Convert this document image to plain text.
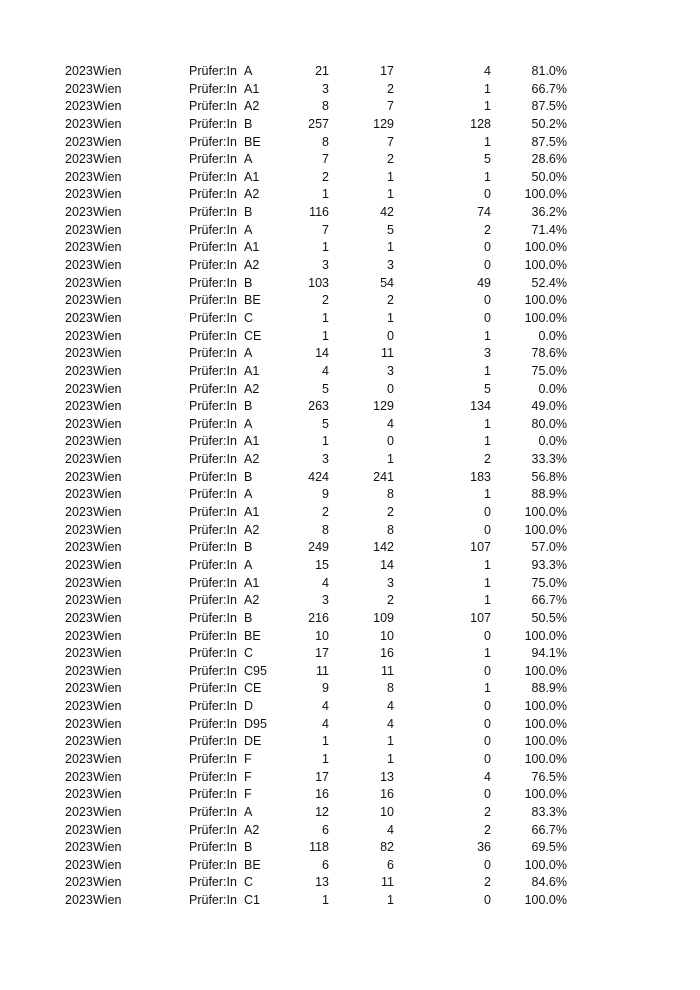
2023 Wien	Prüfer:In A	21	17	4	81.0%
2023 Wien	Prüfer:In A1	3	2	1	66.7%
2023 Wien	Prüfer:In A2	8	7	1	87.5%
2023 Wien	Prüfer:In B	257	129	128	50.2%
2023 Wien	Prüfer:In BE	8	7	1	87.5%
2023 Wien	Prüfer:In A	7	2	5	28.6%
2023 Wien	Prüfer:In A1	2	1	1	50.0%
2023 Wien	Prüfer:In A2	1	1	0	100.0%
2023 Wien	Prüfer:In B	116	42	74	36.2%
2023 Wien	Prüfer:In A	7	5	2	71.4%
2023 Wien	Prüfer:In A1	1	1	0	100.0%
2023 Wien	Prüfer:In A2	3	3	0	100.0%
2023 Wien	Prüfer:In B	103	54	49	52.4%
2023 Wien	Prüfer:In BE	2	2	0	100.0%
2023 Wien	Prüfer:In C	1	1	0	100.0%
2023 Wien	Prüfer:In CE	1	0	1	0.0%
2023 Wien	Prüfer:In A	14	11	3	78.6%
2023 Wien	Prüfer:In A1	4	3	1	75.0%
2023 Wien	Prüfer:In A2	5	0	5	0.0%
2023 Wien	Prüfer:In B	263	129	134	49.0%
2023 Wien	Prüfer:In A	5	4	1	80.0%
2023 Wien	Prüfer:In A1	1	0	1	0.0%
2023 Wien	Prüfer:In A2	3	1	2	33.3%
2023 Wien	Prüfer:In B	424	241	183	56.8%
2023 Wien	Prüfer:In A	9	8	1	88.9%
2023 Wien	Prüfer:In A1	2	2	0	100.0%
2023 Wien	Prüfer:In A2	8	8	0	100.0%
2023 Wien	Prüfer:In B	249	142	107	57.0%
2023 Wien	Prüfer:In A	15	14	1	93.3%
2023 Wien	Prüfer:In A1	4	3	1	75.0%
2023 Wien	Prüfer:In A2	3	2	1	66.7%
2023 Wien	Prüfer:In B	216	109	107	50.5%
2023 Wien	Prüfer:In BE	10	10	0	100.0%
2023 Wien	Prüfer:In C	17	16	1	94.1%
2023 Wien	Prüfer:In C95	11	11	0	100.0%
2023 Wien	Prüfer:In CE	9	8	1	88.9%
2023 Wien	Prüfer:In D	4	4	0	100.0%
2023 Wien	Prüfer:In D95	4	4	0	100.0%
2023 Wien	Prüfer:In DE	1	1	0	100.0%
2023 Wien	Prüfer:In F	1	1	0	100.0%
2023 Wien	Prüfer:In F	17	13	4	76.5%
2023 Wien	Prüfer:In F	16	16	0	100.0%
2023 Wien	Prüfer:In A	12	10	2	83.3%
2023 Wien	Prüfer:In A2	6	4	2	66.7%
2023 Wien	Prüfer:In B	118	82	36	69.5%
2023 Wien	Prüfer:In BE	6	6	0	100.0%
2023 Wien	Prüfer:In C	13	11	2	84.6%
2023 Wien	Prüfer:In C1	1	1	0	100.0%
